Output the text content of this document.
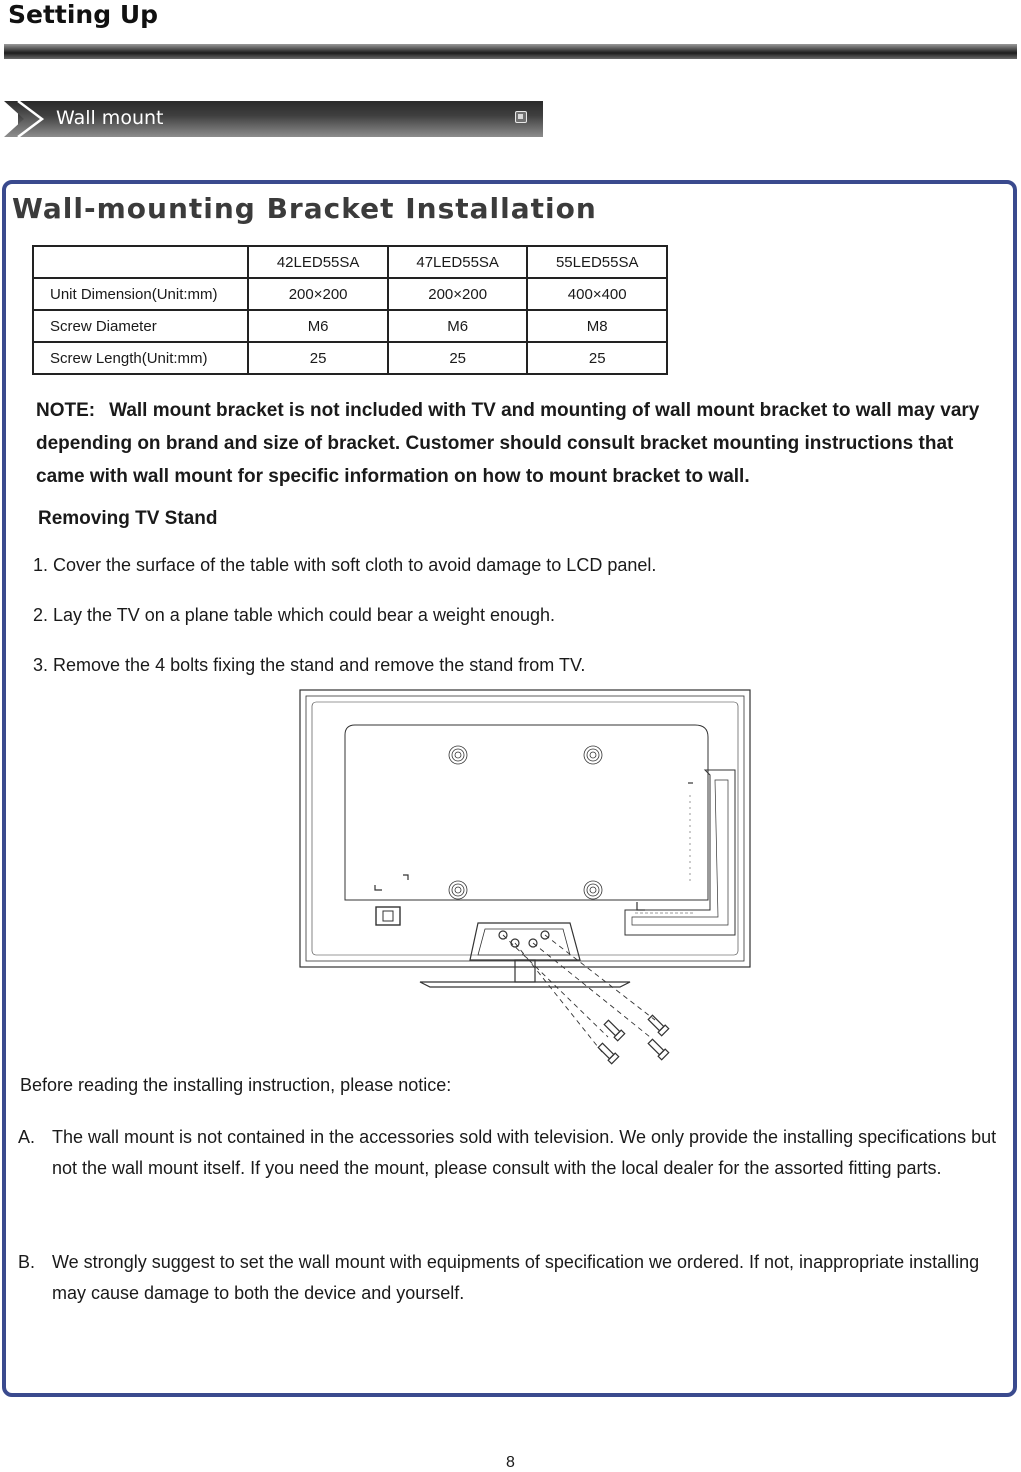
Setting Up
Wall mount
Wall-mounting Bracket Installation
	42LED55SA	47LED55SA	55LED55SA
Unit Dimension(Unit:mm)	200×200	200×200	400×400
Screw Diameter	M6	M6	M8
Screw Length(Unit:mm)	25	25	25
NOTE: Wall mount bracket is not included with TV and mounting of wall mount bracket to wall may vary depending on brand and size of bracket. Customer should consult bracket mounting instructions that came with wall mount for specific information on how to mount bracket to wall.
Removing TV Stand
1. Cover the surface of the table with soft cloth to avoid damage to LCD panel.
2. Lay the TV on a plane table which could bear a weight enough.
3. Remove the 4 bolts fixing the stand and remove the stand from TV.
Before reading the installing instruction, please notice:
A. The wall mount is not contained in the accessories sold with television. We only provide the installing specifications but not the wall mount itself. If you need the mount, please consult with the local dealer for the assorted fitting parts.
B. We strongly suggest to set the wall mount with equipments of specification we ordered. If not, inappropriate installing may cause damage to both the device and yourself.
8
